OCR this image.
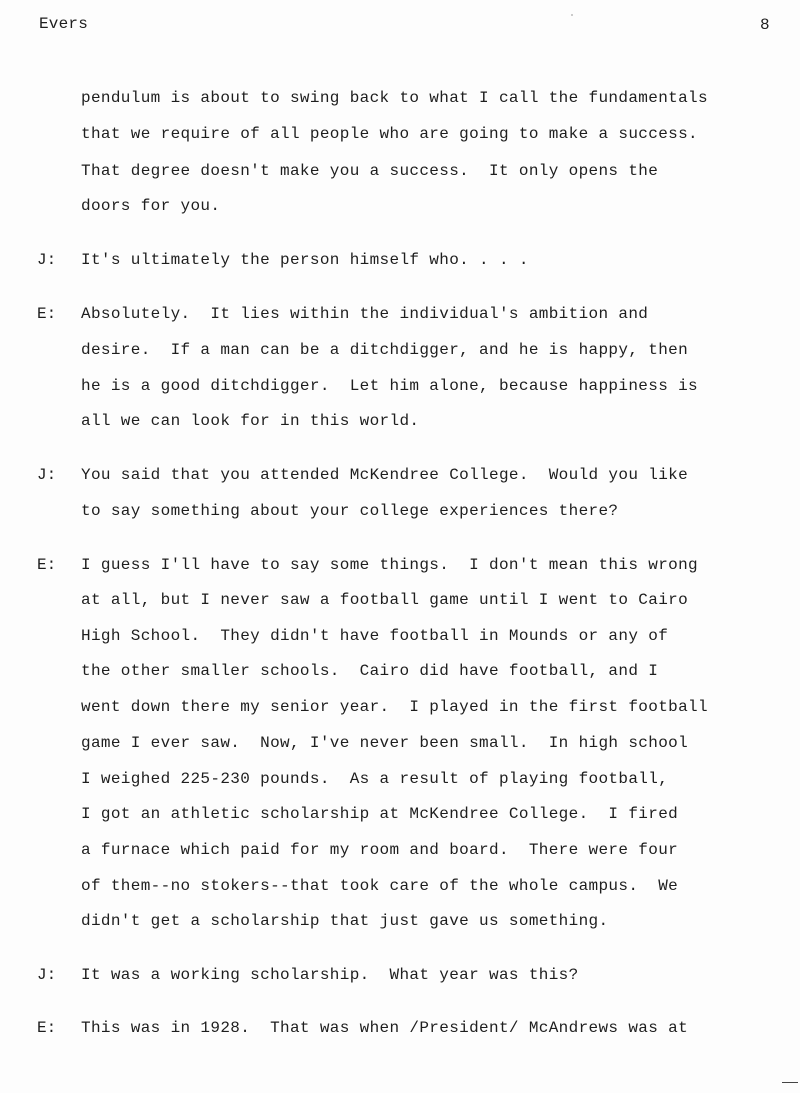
Evers	8
pendulum is about to swing back to what I call the fundamentals
that we require of all people who are going to make a success.
That degree doesn't make you a success.  It only opens the
doors for you.
J: It's ultimately the person himself who. . . .
E: Absolutely.  It lies within the individual's ambition and
desire.  If a man can be a ditchdigger, and he is happy, then
he is a good ditchdigger.  Let him alone, because happiness is
all we can look for in this world.
J: You said that you attended McKendree College.  Would you like
to say something about your college experiences there?
E: I guess I'll have to say some things.  I don't mean this wrong
at all, but I never saw a football game until I went to Cairo
High School.  They didn't have football in Mounds or any of
the other smaller schools.  Cairo did have football, and I
went down there my senior year.  I played in the first football
game I ever saw.  Now, I've never been small.  In high school
I weighed 225-230 pounds.  As a result of playing football,
I got an athletic scholarship at McKendree College.  I fired
a furnace which paid for my room and board.  There were four
of them--no stokers--that took care of the whole campus.  We
didn't get a scholarship that just gave us something.
J: It was a working scholarship.  What year was this?
E: This was in 1928.  That was when /President/ McAndrews was at
